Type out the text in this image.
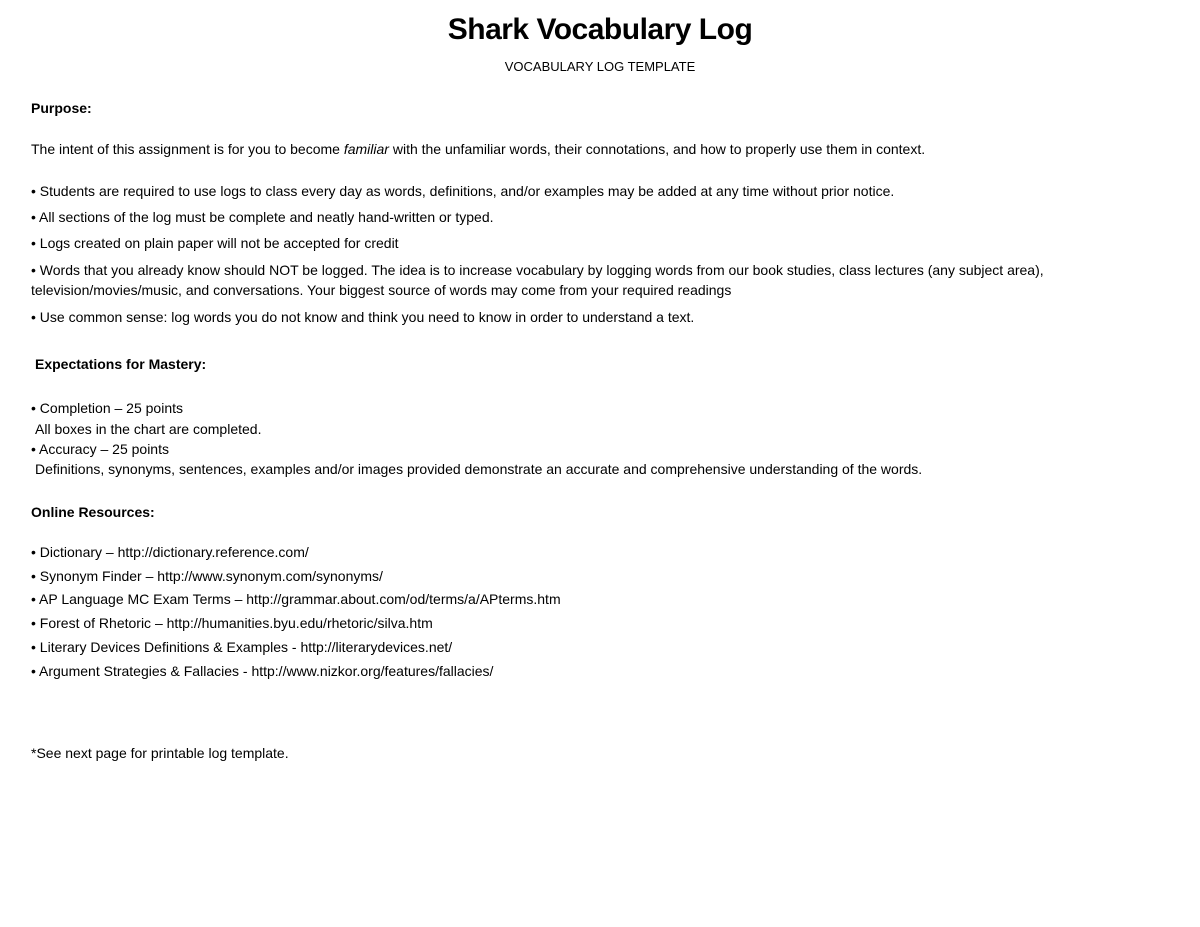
Shark Vocabulary Log
VOCABULARY LOG TEMPLATE
Purpose:
The intent of this assignment is for you to become familiar with the unfamiliar words, their connotations, and how to properly use them in context.
• Students are required to use logs to class every day as words, definitions, and/or examples may be added at any time without prior notice.
• All sections of the log must be complete and neatly hand-written or typed.
• Logs created on plain paper will not be accepted for credit
• Words that you already know should NOT be logged. The idea is to increase vocabulary by logging words from our book studies, class lectures (any subject area), television/movies/music, and conversations. Your biggest source of words may come from your required readings
• Use common sense: log words you do not know and think you need to know in order to understand a text.
Expectations for Mastery:
• Completion – 25 points
All boxes in the chart are completed.
• Accuracy – 25 points
Definitions, synonyms, sentences, examples and/or images provided demonstrate an accurate and comprehensive understanding of the words.
Online Resources:
• Dictionary – http://dictionary.reference.com/
• Synonym Finder – http://www.synonym.com/synonyms/
• AP Language MC Exam Terms – http://grammar.about.com/od/terms/a/APterms.htm
• Forest of Rhetoric – http://humanities.byu.edu/rhetoric/silva.htm
• Literary Devices Definitions & Examples - http://literarydevices.net/
• Argument Strategies & Fallacies - http://www.nizkor.org/features/fallacies/
*See next page for printable log template.
